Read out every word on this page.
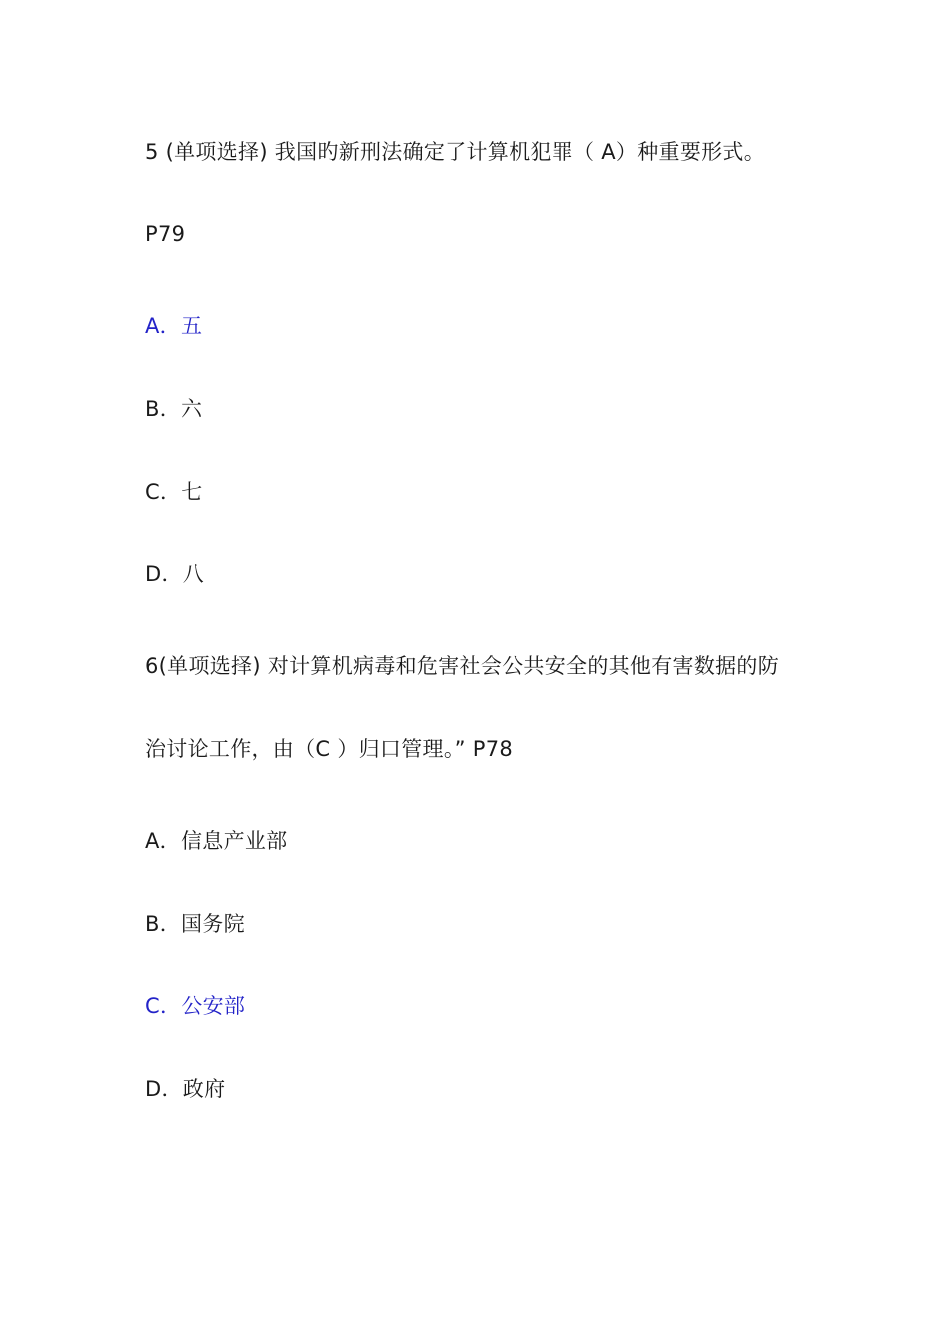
5 (单项选择) 我国旳新刑法确定了计算机犯罪（ A）种重要形式。
P79
A．五
B．六
C．七
D．八
6(单项选择) 对计算机病毒和危害社会公共安全的其他有害数据的防
治讨论工作，由（C ）归口管理。” P78
A．信息产业部
B．国务院
C．公安部
D．政府
